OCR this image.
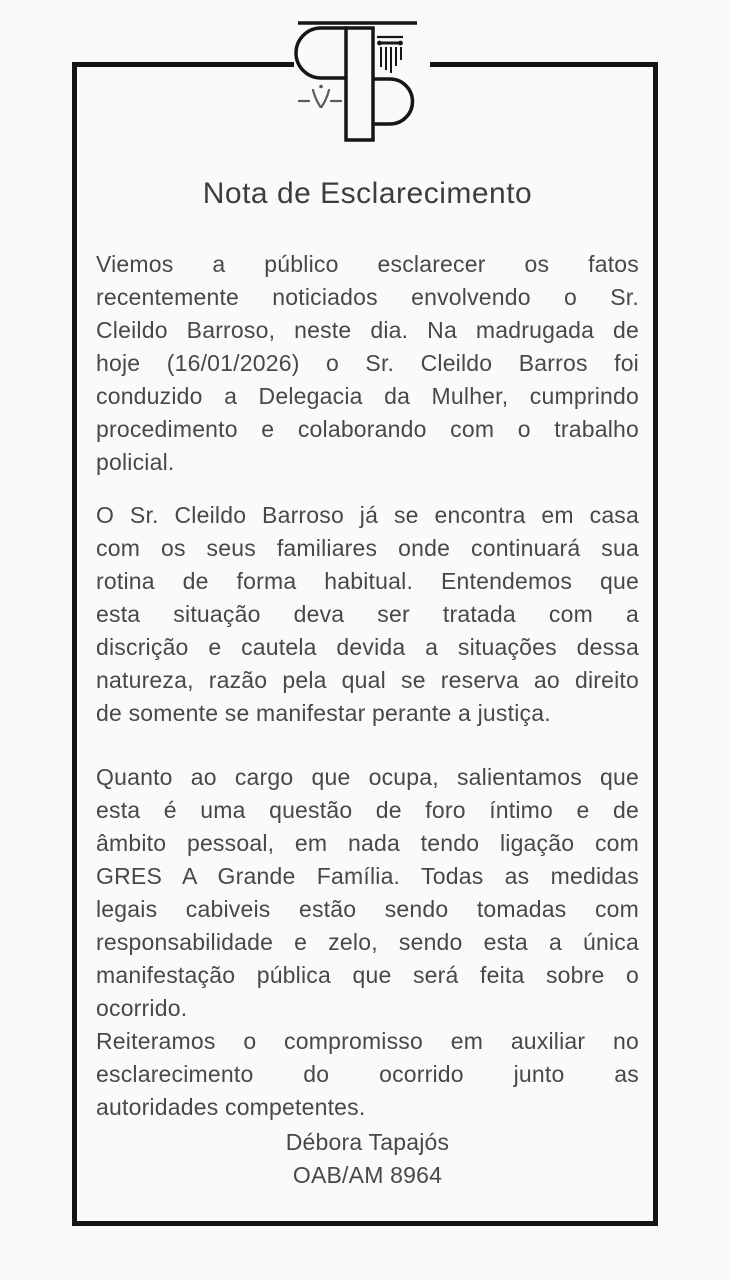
Nota de Esclarecimento
Viemos a público esclarecer os fatos
recentemente noticiados envolvendo o Sr.
Cleildo Barroso, neste dia. Na madrugada de
hoje (16/01/2026) o Sr. Cleildo Barros foi
conduzido a Delegacia da Mulher, cumprindo
procedimento e colaborando com o trabalho
policial.
O Sr. Cleildo Barroso já se encontra em casa
com os seus familiares onde continuará sua
rotina de forma habitual. Entendemos que
esta situação deva ser tratada com a
discrição e cautela devida a situações dessa
natureza, razão pela qual se reserva ao direito
de somente se manifestar perante a justiça.
Quanto ao cargo que ocupa, salientamos que
esta é uma questão de foro íntimo e de
âmbito pessoal, em nada tendo ligação com
GRES A Grande Família. Todas as medidas
legais cabiveis estão sendo tomadas com
responsabilidade e zelo, sendo esta a única
manifestação pública que será feita sobre o
ocorrido.
Reiteramos o compromisso em auxiliar no
esclarecimento do ocorrido junto as
autoridades competentes.
Débora Tapajós
OAB/AM 8964
